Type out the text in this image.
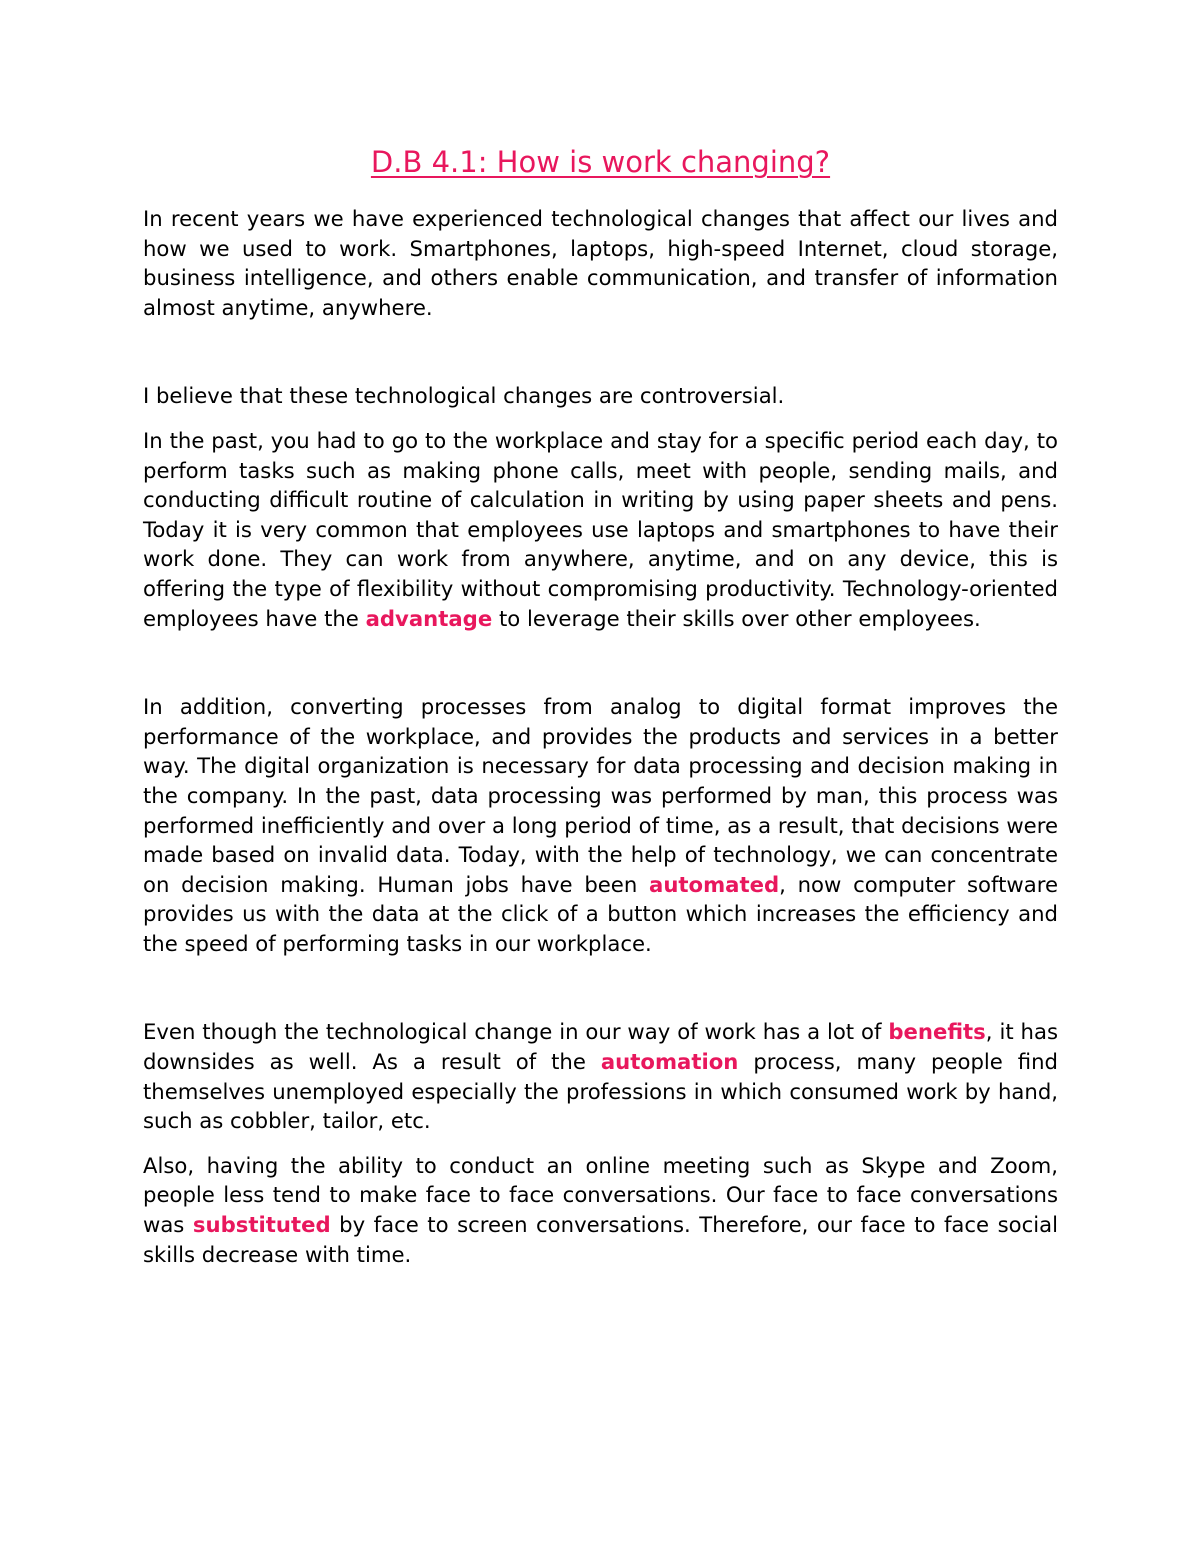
D.B 4.1: How is work changing?

In recent years we have experienced technological changes that affect our lives and how we used to work. Smartphones, laptops, high-speed Internet, cloud storage, business intelligence, and others enable communication, and transfer of information almost anytime, anywhere.

I believe that these technological changes are controversial.

In the past, you had to go to the workplace and stay for a specific period each day, to perform tasks such as making phone calls, meet with people, sending mails, and conducting difficult routine of calculation in writing by using paper sheets and pens. Today it is very common that employees use laptops and smartphones to have their work done. They can work from anywhere, anytime, and on any device, this is offering the type of flexibility without compromising productivity. Technology-oriented employees have the advantage to leverage their skills over other employees.

In addition, converting processes from analog to digital format improves the performance of the workplace, and provides the products and services in a better way. The digital organization is necessary for data processing and decision making in the company. In the past, data processing was performed by man, this process was performed inefficiently and over a long period of time, as a result, that decisions were made based on invalid data. Today, with the help of technology, we can concentrate on decision making. Human jobs have been automated, now computer software provides us with the data at the click of a button which increases the efficiency and the speed of performing tasks in our workplace.

Even though the technological change in our way of work has a lot of benefits, it has downsides as well. As a result of the automation process, many people find themselves unemployed especially the professions in which consumed work by hand, such as cobbler, tailor, etc.

Also, having the ability to conduct an online meeting such as Skype and Zoom, people less tend to make face to face conversations. Our face to face conversations was substituted by face to screen conversations. Therefore, our face to face social skills decrease with time.
